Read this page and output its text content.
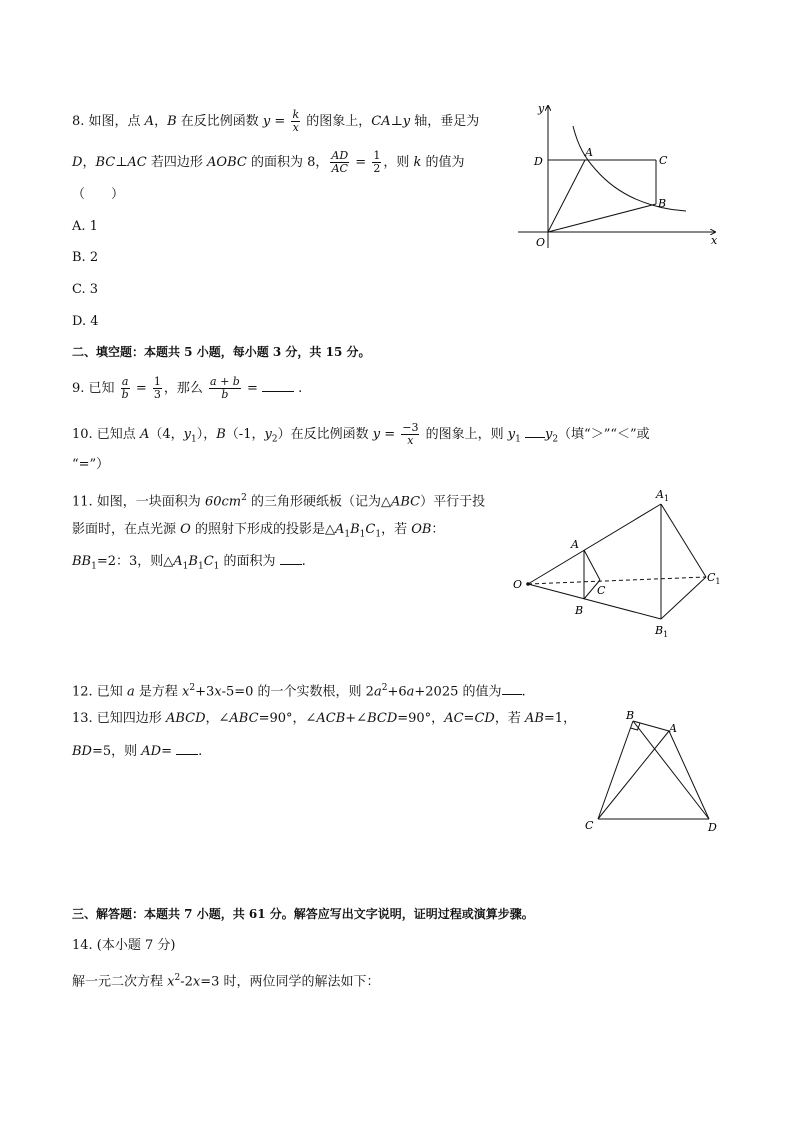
8. 如图，点 A，B 在反比例函数 $y = \frac{k}{x}$ 的图象上，CA⊥y 轴，垂足为
D，BC⊥AC 若四边形 AOBC 的面积为 8， $\frac{AD}{AC} = \frac{1}{2}$ ，则 k 的值为
（　　）
A. 1
B. 2
C. 3
D. 4
y
x
O
D
A
C
B
二、填空题：本题共 5 小题，每小题 3 分，共 15 分。
9. 已知 $\frac{a}{b} = \frac{1}{3}$ ，那么 $\frac{a + b}{b}$ =  .
10. 已知点 A（4，$y_1$），B（-1，$y_2$）在反比例函数 $y = \frac{-3}{x}$ 的图象上，则 $y_1$ $y_2$（填“＞”“＜”或
“=”）
11. 如图，一块面积为 $60cm^2$ 的三角形硬纸板（记为△ABC）平行于投
影面时，在点光源 O 的照射下形成的投影是$\triangle A_1B_1C_1$，若 OB：
$BB_1=2$：3，则$\triangle A_1B_1C_1$ 的面积为 .
O
A
B
C
$A_1$
$B_1$
$C_1$
12. 已知 a 是方程 $x^2+3x-5=0$ 的一个实数根，则 $2a^2+6a+2025$ 的值为 .
13. 已知四边形 ABCD，∠ABC=90°，∠ACB+∠BCD=90°，AC=CD，若 AB=1，
BD=5，则 AD= .
B
A
C	D
三、解答题：本题共 7 小题，共 61 分。解答应写出文字说明，证明过程或演算步骤。
14. (本小题 7 分)
解一元二次方程 $x^2-2x=3$ 时，两位同学的解法如下：
